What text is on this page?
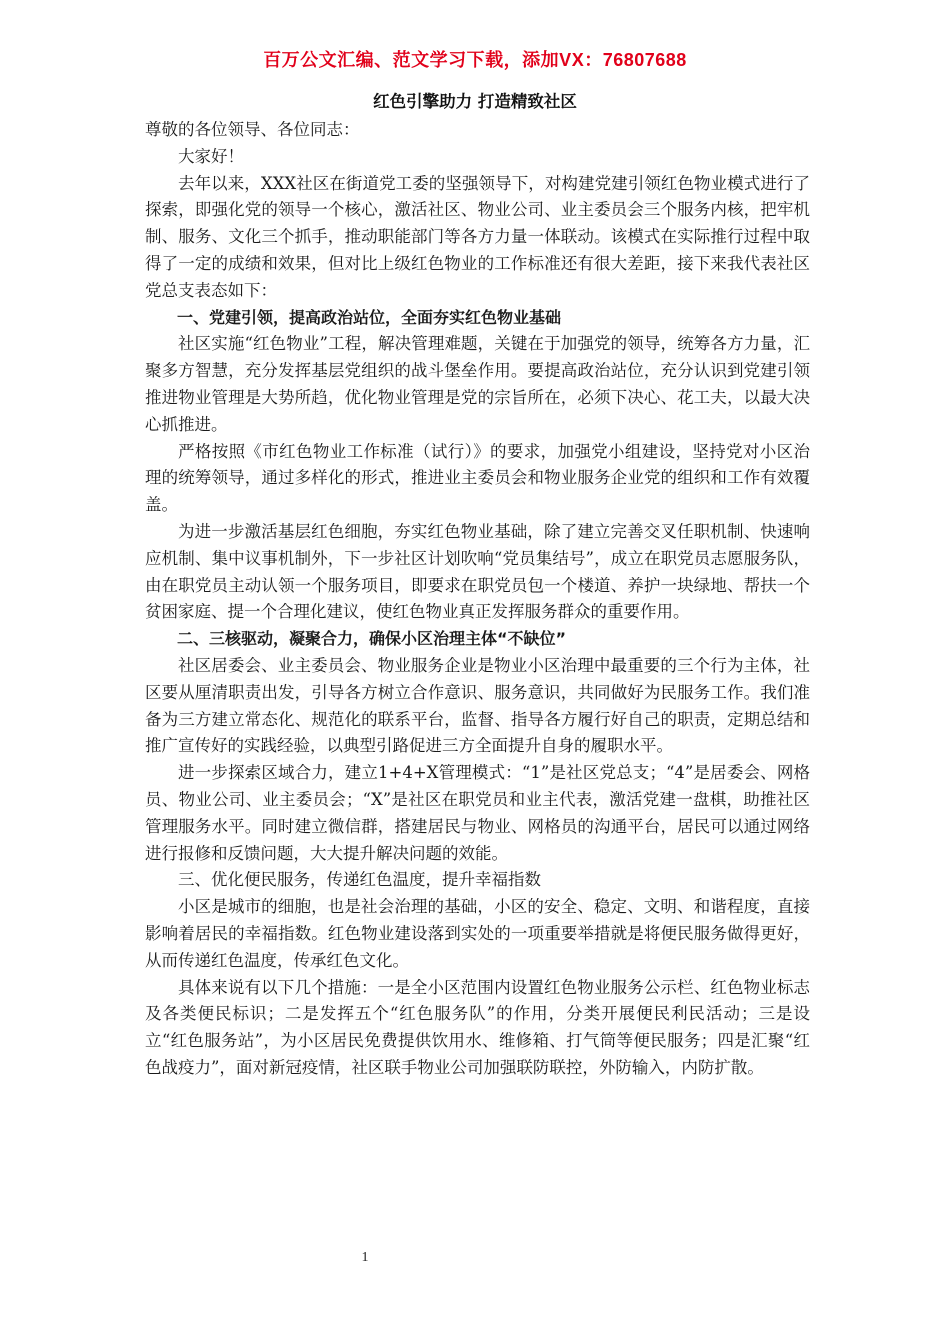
百万公文汇编、范文学习下载，添加VX：76807688
红色引擎助力 打造精致社区

尊敬的各位领导、各位同志：

大家好！

去年以来，XXX社区在街道党工委的坚强领导下，对构建党建引领红色物业模式进行了探索，即强化党的领导一个核心，激活社区、物业公司、业主委员会三个服务内核，把牢机制、服务、文化三个抓手，推动职能部门等各方力量一体联动。该模式在实际推行过程中取得了一定的成绩和效果，但对比上级红色物业的工作标准还有很大差距，接下来我代表社区党总支表态如下：

一、党建引领，提高政治站位，全面夯实红色物业基础

社区实施“红色物业”工程，解决管理难题，关键在于加强党的领导，统筹各方力量，汇聚多方智慧，充分发挥基层党组织的战斗堡垒作用。要提高政治站位，充分认识到党建引领推进物业管理是大势所趋，优化物业管理是党的宗旨所在，必须下决心、花工夫，以最大决心抓推进。

严格按照《市红色物业工作标准（试行）》的要求，加强党小组建设，坚持党对小区治理的统筹领导，通过多样化的形式，推进业主委员会和物业服务企业党的组织和工作有效覆盖。

为进一步激活基层红色细胞，夯实红色物业基础，除了建立完善交叉任职机制、快速响应机制、集中议事机制外，下一步社区计划吹响“党员集结号”，成立在职党员志愿服务队，由在职党员主动认领一个服务项目，即要求在职党员包一个楼道、养护一块绿地、帮扶一个贫困家庭、提一个合理化建议，使红色物业真正发挥服务群众的重要作用。

二、三核驱动，凝聚合力，确保小区治理主体“不缺位”

社区居委会、业主委员会、物业服务企业是物业小区治理中最重要的三个行为主体，社区要从厘清职责出发，引导各方树立合作意识、服务意识，共同做好为民服务工作。我们准备为三方建立常态化、规范化的联系平台，监督、指导各方履行好自己的职责，定期总结和推广宣传好的实践经验，以典型引路促进三方全面提升自身的履职水平。

进一步探索区域合力，建立1+4+X管理模式：“1”是社区党总支；“4”是居委会、网格员、物业公司、业主委员会；“X”是社区在职党员和业主代表，激活党建一盘棋，助推社区管理服务水平。同时建立微信群，搭建居民与物业、网格员的沟通平台，居民可以通过网络进行报修和反馈问题，大大提升解决问题的效能。

三、优化便民服务，传递红色温度，提升幸福指数

小区是城市的细胞，也是社会治理的基础，小区的安全、稳定、文明、和谐程度，直接影响着居民的幸福指数。红色物业建设落到实处的一项重要举措就是将便民服务做得更好，从而传递红色温度，传承红色文化。

具体来说有以下几个措施：一是全小区范围内设置红色物业服务公示栏、红色物业标志及各类便民标识；二是发挥五个“红色服务队”的作用，分类开展便民利民活动；三是设立“红色服务站”，为小区居民免费提供饮用水、维修箱、打气筒等便民服务；四是汇聚“红色战疫力”，面对新冠疫情，社区联手物业公司加强联防联控，外防输入，内防扩散。

1
